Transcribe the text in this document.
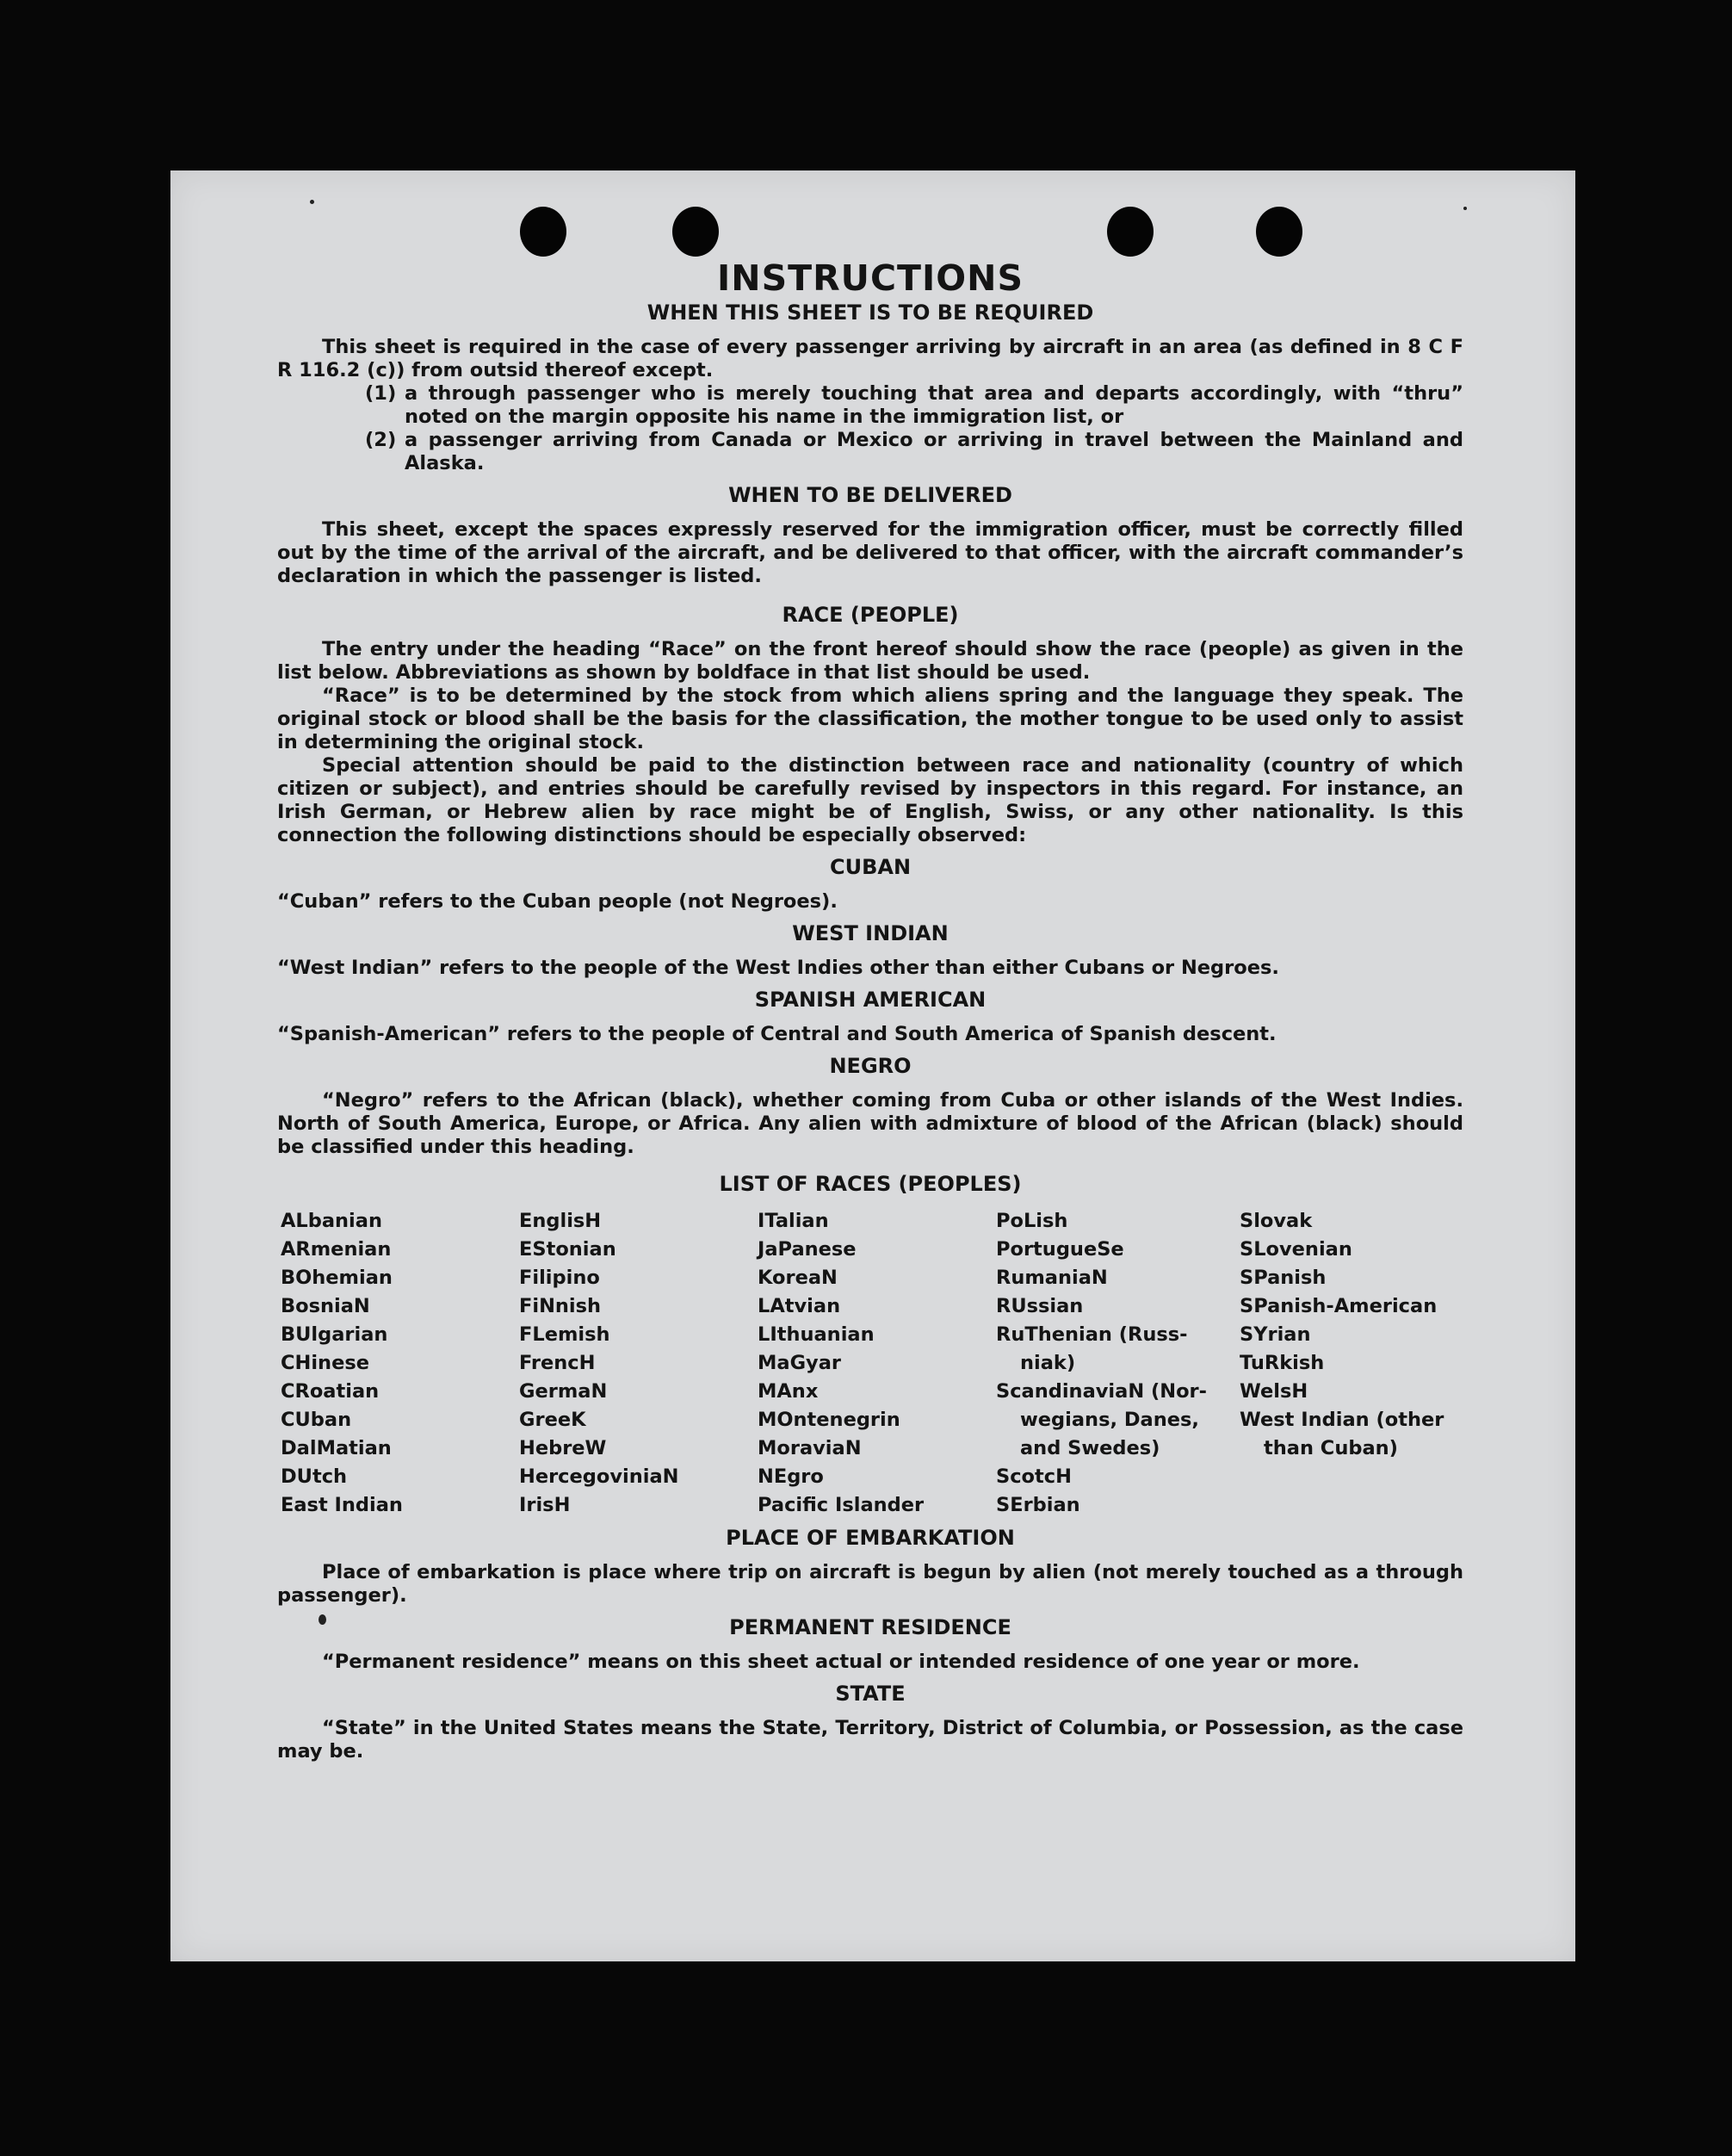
INSTRUCTIONS
WHEN THIS SHEET IS TO BE REQUIRED

This sheet is required in the case of every passenger arriving by aircraft in an area (as defined in 8 C F R 116.2 (c)) from outsid thereof except.

(1) a through passenger who is merely touching that area and departs accordingly, with “thru” noted on the margin opposite his name in the immigration list, or
(2) a passenger arriving from Canada or Mexico or arriving in travel between the Mainland and Alaska.
WHEN TO BE DELIVERED

This sheet, except the spaces expressly reserved for the immigration officer, must be correctly filled out by the time of the arrival of the aircraft, and be delivered to that officer, with the aircraft commander’s declaration in which the passenger is listed.

RACE (PEOPLE)

The entry under the heading “Race” on the front hereof should show the race (people) as given in the list below. Abbreviations as shown by boldface in that list should be used.

“Race” is to be determined by the stock from which aliens spring and the language they speak. The original stock or blood shall be the basis for the classification, the mother tongue to be used only to assist in determining the original stock.

Special attention should be paid to the distinction between race and nationality (country of which citizen or subject), and entries should be carefully revised by inspectors in this regard. For instance, an Irish German, or Hebrew alien by race might be of English, Swiss, or any other nationality. Is this connection the following distinctions should be especially observed:

CUBAN

“Cuban” refers to the Cuban people (not Negroes).

WEST INDIAN

“West Indian” refers to the people of the West Indies other than either Cubans or Negroes.

SPANISH AMERICAN

“Spanish-American” refers to the people of Central and South America of Spanish descent.

NEGRO

“Negro” refers to the African (black), whether coming from Cuba or other islands of the West Indies. North of South America, Europe, or Africa. Any alien with admixture of blood of the African (black) should be classified under this heading.

LIST OF RACES (PEOPLES)
ALbanian
ARmenian
BOhemian
BosniaN
BUlgarian
CHinese
CRoatian
CUban
DalMatian
DUtch
East Indian
EnglisH
EStonian
Filipino
FiNnish
FLemish
FrencH
GermaN
GreeK
HebreW
HercegoviniaN
IrisH
ITalian
JaPanese
KoreaN
LAtvian
LIthuanian
MaGyar
MAnx
MOntenegrin
MoraviaN
NEgro
Pacific Islander
PoLish
PortugueSe
RumaniaN
RUssian
RuThenian (Russ-
niak)
ScandinaviaN (Nor-
wegians, Danes,
and Swedes)
ScotcH
SErbian
Slovak
SLovenian
SPanish
SPanish-American
SYrian
TuRkish
WelsH
West Indian (other
than Cuban)
PLACE OF EMBARKATION

Place of embarkation is place where trip on aircraft is begun by alien (not merely touched as a through passenger).

PERMANENT RESIDENCE

“Permanent residence” means on this sheet actual or intended residence of one year or more.

STATE

“State” in the United States means the State, Territory, District of Columbia, or Possession, as the case may be.
